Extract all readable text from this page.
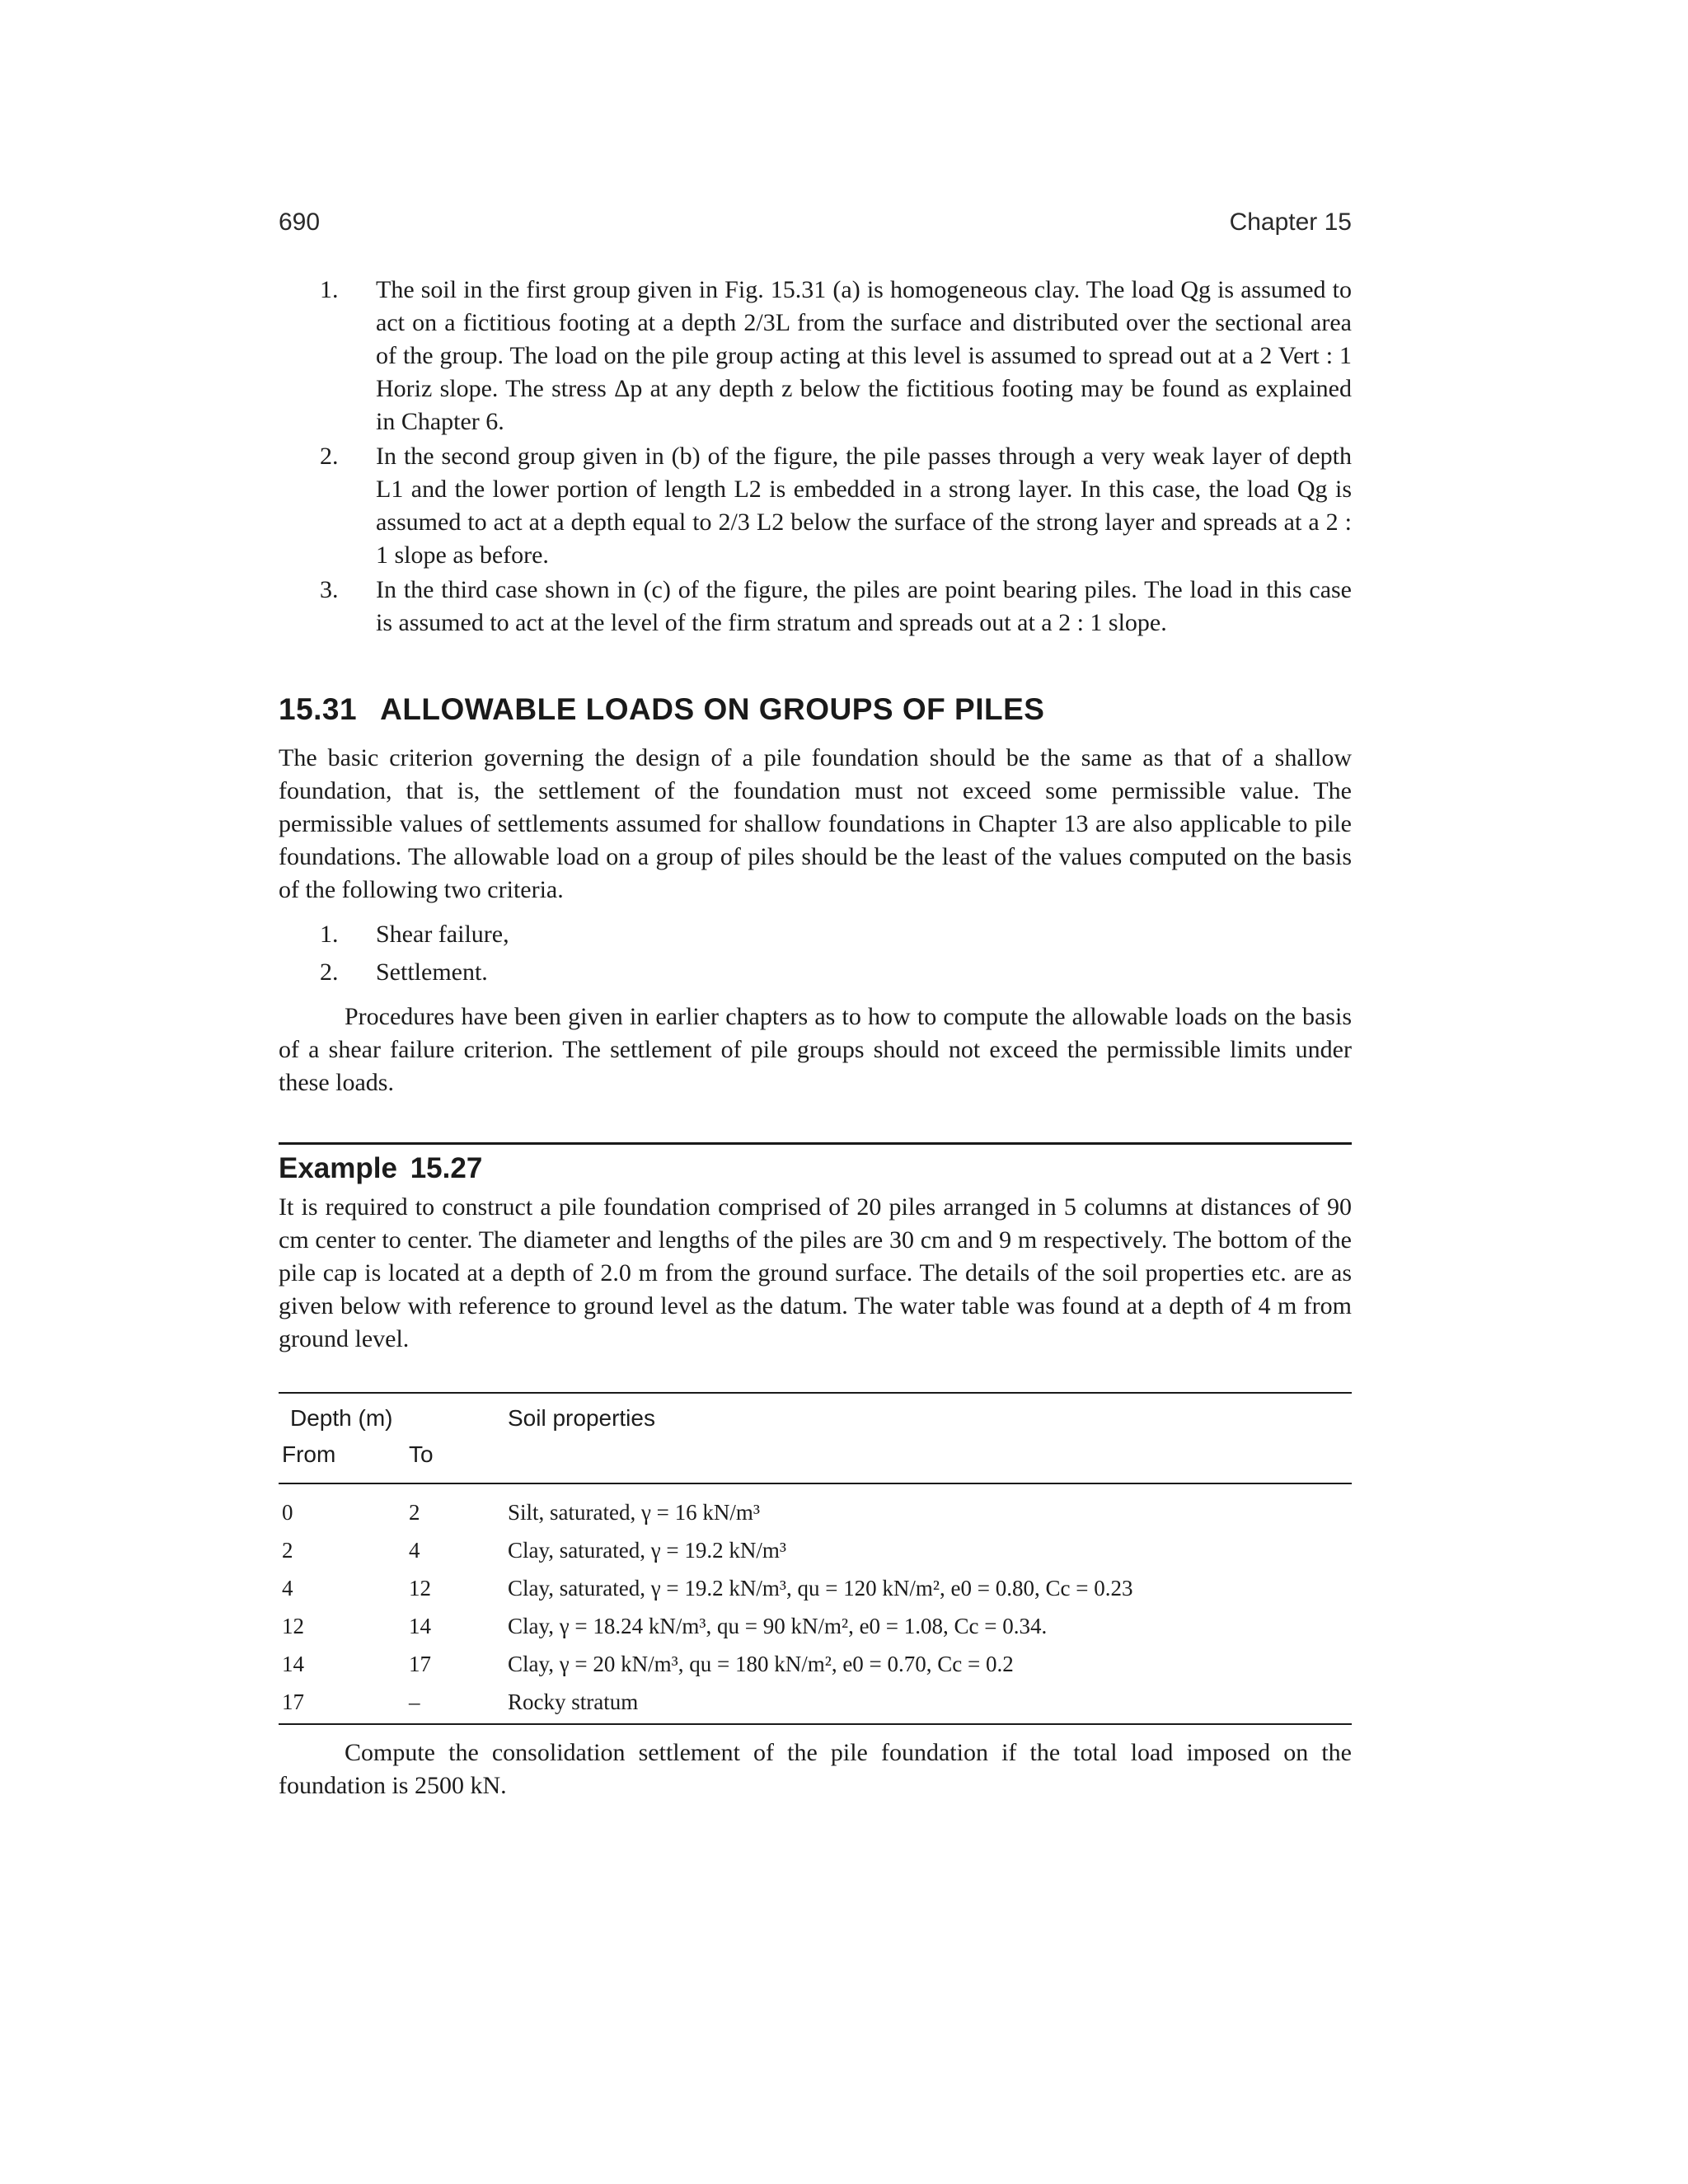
690	Chapter 15
1.	The soil in the first group given in Fig. 15.31 (a) is homogeneous clay. The load Qg is assumed to act on a fictitious footing at a depth 2/3L from the surface and distributed over the sectional area of the group. The load on the pile group acting at this level is assumed to spread out at a 2 Vert : 1 Horiz slope. The stress Δp at any depth z below the fictitious footing may be found as explained in Chapter 6.
2.	In the second group given in (b) of the figure, the pile passes through a very weak layer of depth L1 and the lower portion of length L2 is embedded in a strong layer. In this case, the load Qg is assumed to act at a depth equal to 2/3 L2 below the surface of the strong layer and spreads at a 2 : 1 slope as before.
3.	In the third case shown in (c) of the figure, the piles are point bearing piles. The load in this case is assumed to act at the level of the firm stratum and spreads out at a 2 : 1 slope.
15.31 ALLOWABLE LOADS ON GROUPS OF PILES

The basic criterion governing the design of a pile foundation should be the same as that of a shallow foundation, that is, the settlement of the foundation must not exceed some permissible value. The permissible values of settlements assumed for shallow foundations in Chapter 13 are also applicable to pile foundations. The allowable load on a group of piles should be the least of the values computed on the basis of the following two criteria.

1.	Shear failure,
2.	Settlement.

Procedures have been given in earlier chapters as to how to compute the allowable loads on the basis of a shear failure criterion. The settlement of pile groups should not exceed the permissible limits under these loads.

Example 15.27

It is required to construct a pile foundation comprised of 20 piles arranged in 5 columns at distances of 90 cm center to center. The diameter and lengths of the piles are 30 cm and 9 m respectively. The bottom of the pile cap is located at a depth of 2.0 m from the ground surface. The details of the soil properties etc. are as given below with reference to ground level as the datum. The water table was found at a depth of 4 m from ground level.

Depth (m)		Soil properties
From	To	
0	2	Silt, saturated, γ = 16 kN/m³
2	4	Clay, saturated, γ = 19.2 kN/m³
4	12	Clay, saturated, γ = 19.2 kN/m³, qu = 120 kN/m², e0 = 0.80, Cc = 0.23
12	14	Clay, γ = 18.24 kN/m³, qu = 90 kN/m², e0 = 1.08, Cc = 0.34.
14	17	Clay, γ = 20 kN/m³, qu = 180 kN/m², e0 = 0.70, Cc = 0.2
17	–	Rocky stratum

Compute the consolidation settlement of the pile foundation if the total load imposed on the foundation is 2500 kN.
